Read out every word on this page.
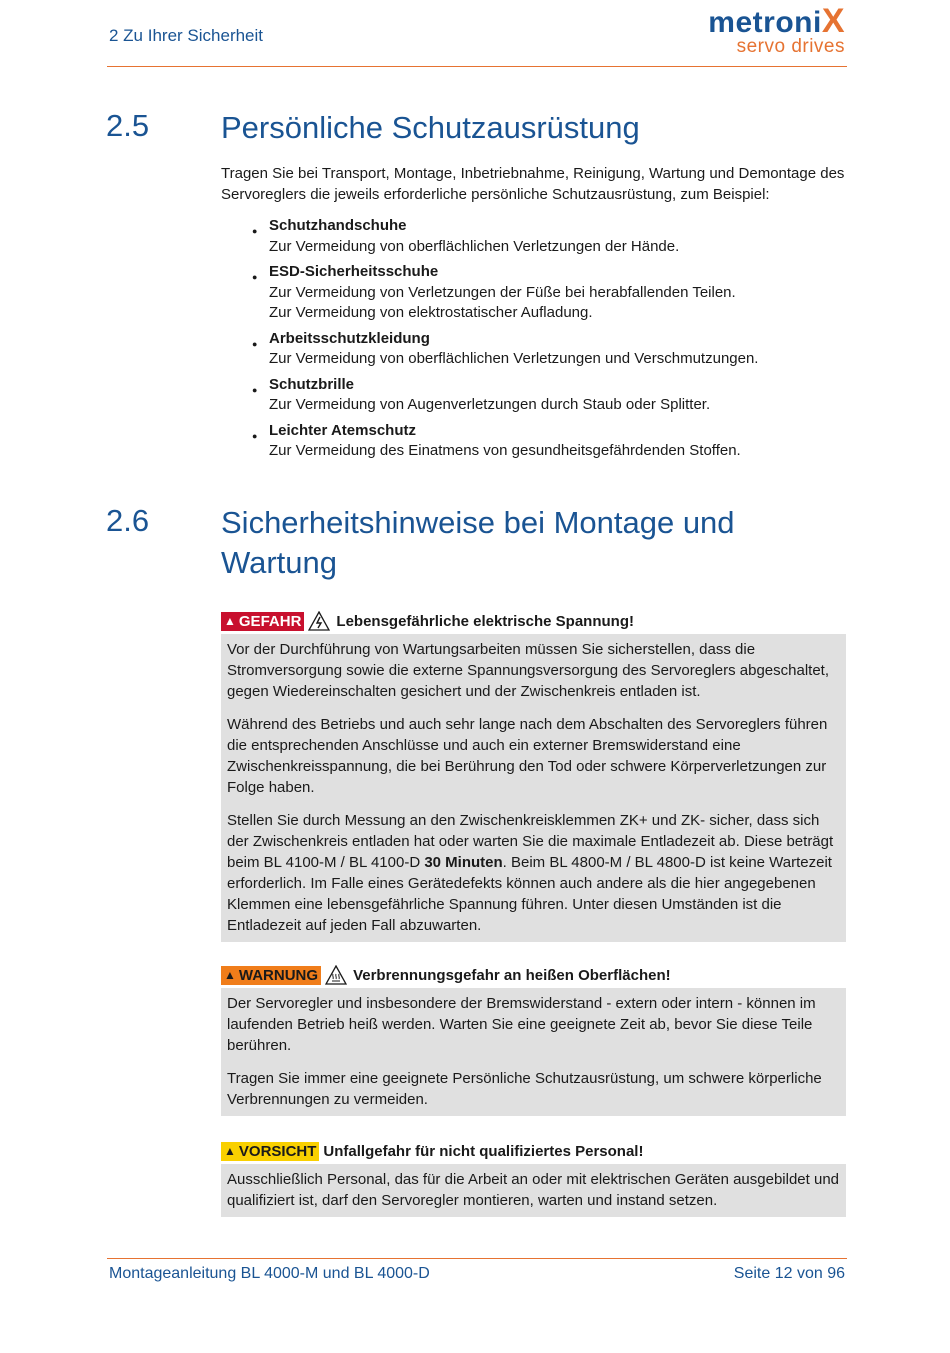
2 Zu Ihrer Sicherheit	metroniX
servo drives
2.5 Persönliche Schutzausrüstung
Tragen Sie bei Transport, Montage, Inbetriebnahme, Reinigung, Wartung und Demontage des Servoreglers die jeweils erforderliche persönliche Schutzausrüstung, zum Beispiel:
● Schutzhandschuhe
Zur Vermeidung von oberflächlichen Verletzungen der Hände.
● ESD-Sicherheitsschuhe
Zur Vermeidung von Verletzungen der Füße bei herabfallenden Teilen.
Zur Vermeidung von elektrostatischer Aufladung.
● Arbeitsschutzkleidung
Zur Vermeidung von oberflächlichen Verletzungen und Verschmutzungen.
● Schutzbrille
Zur Vermeidung von Augenverletzungen durch Staub oder Splitter.
● Leichter Atemschutz
Zur Vermeidung des Einatmens von gesundheitsgefährdenden Stoffen.
2.6 Sicherheitshinweise bei Montage und Wartung
▲ GEFAHR Lebensgefährliche elektrische Spannung!

Vor der Durchführung von Wartungsarbeiten müssen Sie sicherstellen, dass die Stromversorgung sowie die externe Spannungsversorgung des Servoreglers abgeschaltet, gegen Wiedereinschalten gesichert und der Zwischenkreis entladen ist.

Während des Betriebs und auch sehr lange nach dem Abschalten des Servoreglers führen die entsprechenden Anschlüsse und auch ein externer Bremswiderstand eine Zwischenkreisspannung, die bei Berührung den Tod oder schwere Körperverletzungen zur Folge haben.

Stellen Sie durch Messung an den Zwischenkreisklemmen ZK+ und ZK- sicher, dass sich der Zwischenkreis entladen hat oder warten Sie die maximale Entladezeit ab. Diese beträgt beim BL 4100-M / BL 4100-D 30 Minuten. Beim BL 4800-M / BL 4800-D ist keine Wartezeit erforderlich. Im Falle eines Gerätedefekts können auch andere als die hier angegebenen Klemmen eine lebensgefährliche Spannung führen. Unter diesen Umständen ist die Entladezeit auf jeden Fall abzuwarten.

▲ WARNUNG Verbrennungsgefahr an heißen Oberflächen!

Der Servoregler und insbesondere der Bremswiderstand - extern oder intern - können im laufenden Betrieb heiß werden. Warten Sie eine geeignete Zeit ab, bevor Sie diese Teile berühren.

Tragen Sie immer eine geeignete Persönliche Schutzausrüstung, um schwere körperliche Verbrennungen zu vermeiden.

▲ VORSICHT Unfallgefahr für nicht qualifiziertes Personal!

Ausschließlich Personal, das für die Arbeit an oder mit elektrischen Geräten ausgebildet und qualifiziert ist, darf den Servoregler montieren, warten und instand setzen.

Montageanleitung BL 4000-M und BL 4000-D	Seite 12 von 96
